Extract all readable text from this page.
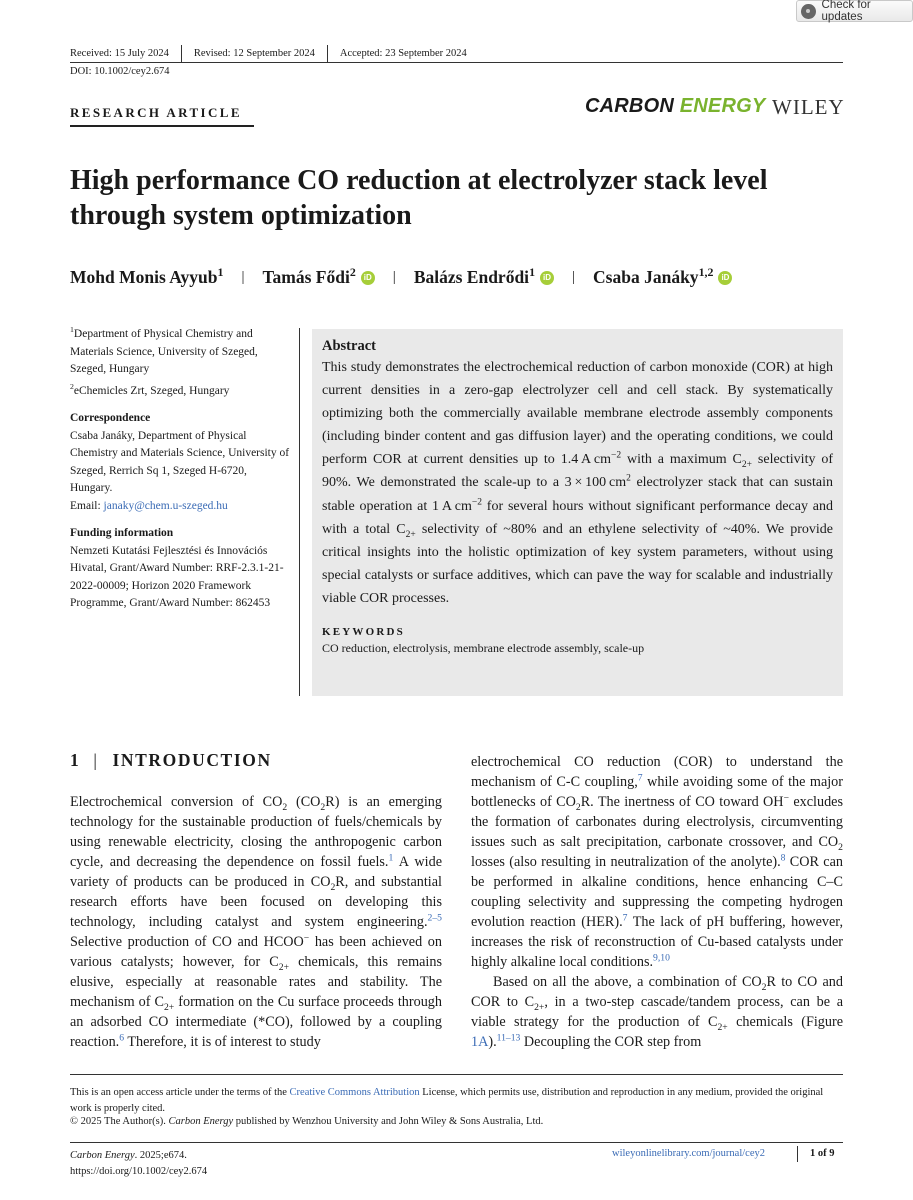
Check for updates
Received: 15 July 2024 Revised: 12 September 2024 Accepted: 23 September 2024
DOI: 10.1002/cey2.674
RESEARCH ARTICLE	CARBON ENERGY WILEY
High performance CO reduction at electrolyzer stack level through system optimization
Mohd Monis Ayyub$^1$ | Tamás Fődi$^2$	iD | Balázs Endrődi$^1$	iD | Csaba Janáky$^{1,2}$	iD
$^1$Department of Physical Chemistry and Materials Science, University of Szeged, Szeged, Hungary
$^2$eChemicles Zrt, Szeged, Hungary
Correspondence
Csaba Janáky, Department of Physical Chemistry and Materials Science, University of Szeged, Rerrich Sq 1, Szeged H-6720, Hungary.
Email: janaky@chem.u-szeged.hu
Funding information
Nemzeti Kutatási Fejlesztési és Innovációs Hivatal, Grant/Award Number: RRF-2.3.1-21-2022-00009; Horizon 2020 Framework Programme, Grant/Award Number: 862453
Abstract
This study demonstrates the electrochemical reduction of carbon monoxide (COR) at high current densities in a zero-gap electrolyzer cell and cell stack. By systematically optimizing both the commercially available membrane electrode assembly components (including binder content and gas diffusion layer) and the operating conditions, we could perform COR at current densities up to 1.4 A $cm^{-2}$ with a maximum $C_{2+}$ selectivity of 90%. We demonstrated the scale-up to a 3 × 100 $cm^2$ electrolyzer stack that can sustain stable operation at 1 A $cm^{-2}$ for several hours without significant performance decay and with a total $C_{2+}$ selectivity of ~80% and an ethylene selectivity of ~40%. We provide critical insights into the holistic optimization of key system parameters, without using special catalysts or surface additives, which can pave the way for scalable and industrially viable COR processes.
KEYWORDS
CO reduction, electrolysis, membrane electrode assembly, scale-up
1 | INTRODUCTION

Electrochemical conversion of $CO_2$ $(CO_2R)$ is an emerging technology for the sustainable production of fuels/chemicals by using renewable electricity, closing the anthropogenic carbon cycle, and decreasing the dependence on fossil fuels.$^1$ A wide variety of products can be produced in $CO_2R$, and substantial research efforts have been focused on developing this technology, including catalyst and system engineering.$^{2-5}$ Selective production of CO and HCOO− has been achieved on various catalysts; however, for $C_{2+}$ chemicals, this remains elusive, especially at reasonable rates and stability. The mechanism of $C_{2+}$ formation on the Cu surface proceeds through an adsorbed CO intermediate (*CO), followed by a coupling reaction.$^6$ Therefore, it is of interest to study

electrochemical CO reduction (COR) to understand the mechanism of C-C coupling,$^7$ while avoiding some of the major bottlenecks of $CO_2R$. The inertness of CO toward OH− excludes the formation of carbonates during electrolysis, circumventing issues such as salt precipitation, carbonate crossover, and $CO_2$ losses (also resulting in neutralization of the anolyte).$^8$ COR can be performed in alkaline conditions, hence enhancing C–C coupling selectivity and suppressing the competing hydrogen evolution reaction (HER).$^7$ The lack of pH buffering, however, increases the risk of reconstruction of Cu-based catalysts under highly alkaline local conditions.$^{9,10}$

Based on all the above, a combination of $CO_2R$ to CO and COR to $C_{2+}$, in a two-step cascade/tandem process, can be a viable strategy for the production of $C_{2+}$ chemicals (Figure 1A).$^{11-13}$ Decoupling the COR step from

This is an open access article under the terms of the Creative Commons Attribution License, which permits use, distribution and reproduction in any medium, provided the original work is properly cited.
© 2025 The Author(s). Carbon Energy published by Wenzhou University and John Wiley & Sons Australia, Ltd.
Carbon Energy. 2025;e674.
https://doi.org/10.1002/cey2.674
wileyonlinelibrary.com/journal/cey2	1 of 9
